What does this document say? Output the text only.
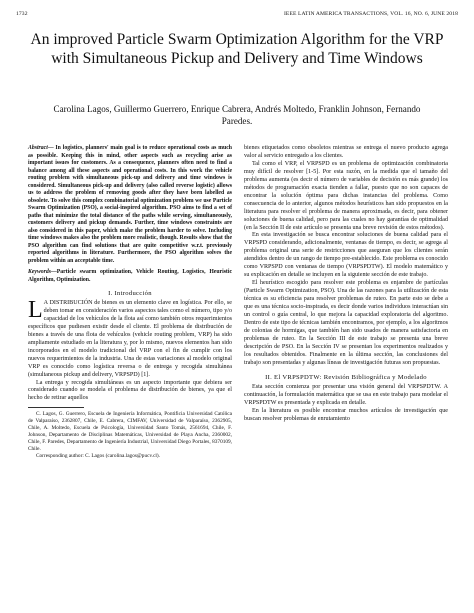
1732	IEEE LATIN AMERICA TRANSACTIONS, VOL. 16, NO. 6, JUNE 2018
An improved Particle Swarm Optimization Algorithm for the VRP with Simultaneous Pickup and Delivery and Time Windows
Carolina Lagos, Guillermo Guerrero, Enrique Cabrera, Andrés Moltedo, Franklin Johnson, Fernando Paredes.

Abstract— In logistics, planners' main goal is to reduce operational costs as much as possible. Keeping this in mind, other aspects such as recycling arise as important issues for customers. As a consequence, planners often need to find a balance among all these aspects and operational costs. In this work the vehicle routing problem with simultaneous pick-up and delivery and time windows is considered. Simultaneous pick-up and delivery (also called reverse logistic) allows us to address the problem of removing goods after they have been labelled as obsolete. To solve this complex combinatorial optimization problem we use Particle Swarm Optimization (PSO), a social-inspired algorithm. PSO aims to find a set of paths that minimize the total distance of the paths while serving, simultaneously, customers delivery and pickup demands. Further, time windows constraints are also considered in this paper, which make the problem harder to solve. Including time windows makes also the problem more realistic, though. Results show that the PSO algorithm can find solutions that are quite competitive w.r.t. previously reported algorithms in literature. Furthermore, the PSO algorithm solves the problem within an acceptable time.

Keywords—Particle swarm optimization, Vehicle Routing, Logistics, Heuristic Algorithm, Optimization.

I. Introducción

L A DISTRIBUCIÓN de bienes es un elemento clave en logística. Por ello, se deben tomar en consideración varios aspectos tales como el número, tipo y/o capacidad de los vehículos de la flota así como también otros requerimientos específicos que pudiesen existir desde el cliente. El problema de distribución de bienes a través de una flota de vehículos (vehicle routing problem, VRP) ha sido ampliamente estudiado en la literatura y, por lo mismo, nuevos elementos han sido incorporados en el modelo tradicional del VRP con el fin de cumplir con los nuevos requerimientos de la industria. Una de estas variaciones al modelo original VRP es conocido como logística reversa o de entrega y recogida simultánea (simultaneous pickup and delivery, VRPSPD) [1].

La entrega y recogida simultáneas es un aspecto importante que debiera ser considerado cuando se modela el problema de distribución de bienes, ya que el hecho de retirar aquellos

C. Lagos, G. Guerrero, Escuela de Ingeniería Informática, Pontificia Universidad Católica de Valparaíso, 2362807, Chile, E. Cabrera, CIMFAV, Universidad de Valparaíso, 2362905, Chile, A. Moltedo, Escuela de Psicología, Universidad Santo Tomás, 2561694, Chile, F. Johnson, Departamento de Disciplinas Matemáticas, Universidad de Playa Ancha, 2360002, Chile, F. Paredes, Departamento de Ingeniería Industrial, Universidad Diego Portales, 8370109, Chile.

Corresponding author: C. Lagos (carolina.lagos@pucv.cl).

bienes etiquetados como obsoletos mientras se entrega el nuevo producto agrega valor al servicio entregado a los clientes.

Tal como el VRP, el VRPSPD es un problema de optimización combinatoria muy difícil de resolver [1-5]. Por esta razón, en la medida que el tamaño del problema aumenta (es decir el número de variables de decisión es más grande) los métodos de programación exacta tienden a fallar, puesto que no son capaces de encontrar la solución óptima para dichas instancias del problema. Como consecuencia de lo anterior, algunos métodos heurísticos han sido propuestos en la literatura para resolver el problema de manera aproximada, es decir, para obtener soluciones de buena calidad, pero para las cuales no hay garantías de optimalidad (en la Sección II de este artículo se presenta una breve revisión de estos métodos).

En esta investigación se busca encontrar soluciones de buena calidad para el VRPSPD considerando, adicionalmente, ventanas de tiempo, es decir, se agrega al problema original una serie de restricciones que aseguran que los clientes serán atendidos dentro de un rango de tiempo pre-establecido. Este problema es conocido como VRPSPD con ventanas de tiempo (VRPSPDTW). El modelo matemático y su explicación en detalle se incluyen en la siguiente sección de este trabajo.

El heurístico escogido para resolver este problema es enjambre de partículas (Particle Swarm Optimization, PSO). Una de las razones para la utilización de esta técnica es su eficiencia para resolver problemas de ruteo. En parte esto se debe a que es una técnica socio-inspirada, es decir donde varios individuos interactúan sin un control o guía central, lo que mejora la capacidad exploratoria del algoritmo. Dentro de este tipo de técnicas también encontramos, por ejemplo, a los algoritmos de colonias de hormigas, que también han sido usados de manera satisfactoria en problemas de ruteo. En la Sección III de este trabajo se presenta una breve descripción de PSO. En la Sección IV se presentan los experimentos realizados y los resultados obtenidos. Finalmente en la última sección, las conclusiones del trabajo son presentadas y algunas líneas de investigación futuras son propuestas.

II. El VRPSPDTW: Revisión Bibliográfica y Modelado

Esta sección comienza por presentar una visión general del VRPSPDTW. A continuación, la formulación matemática que se usa en este trabajo para modelar el VRPSPDTW es presentada y explicada en detalle.

En la literatura es posible encontrar muchos artículos de investigación que buscan resolver problemas de enrutamiento
